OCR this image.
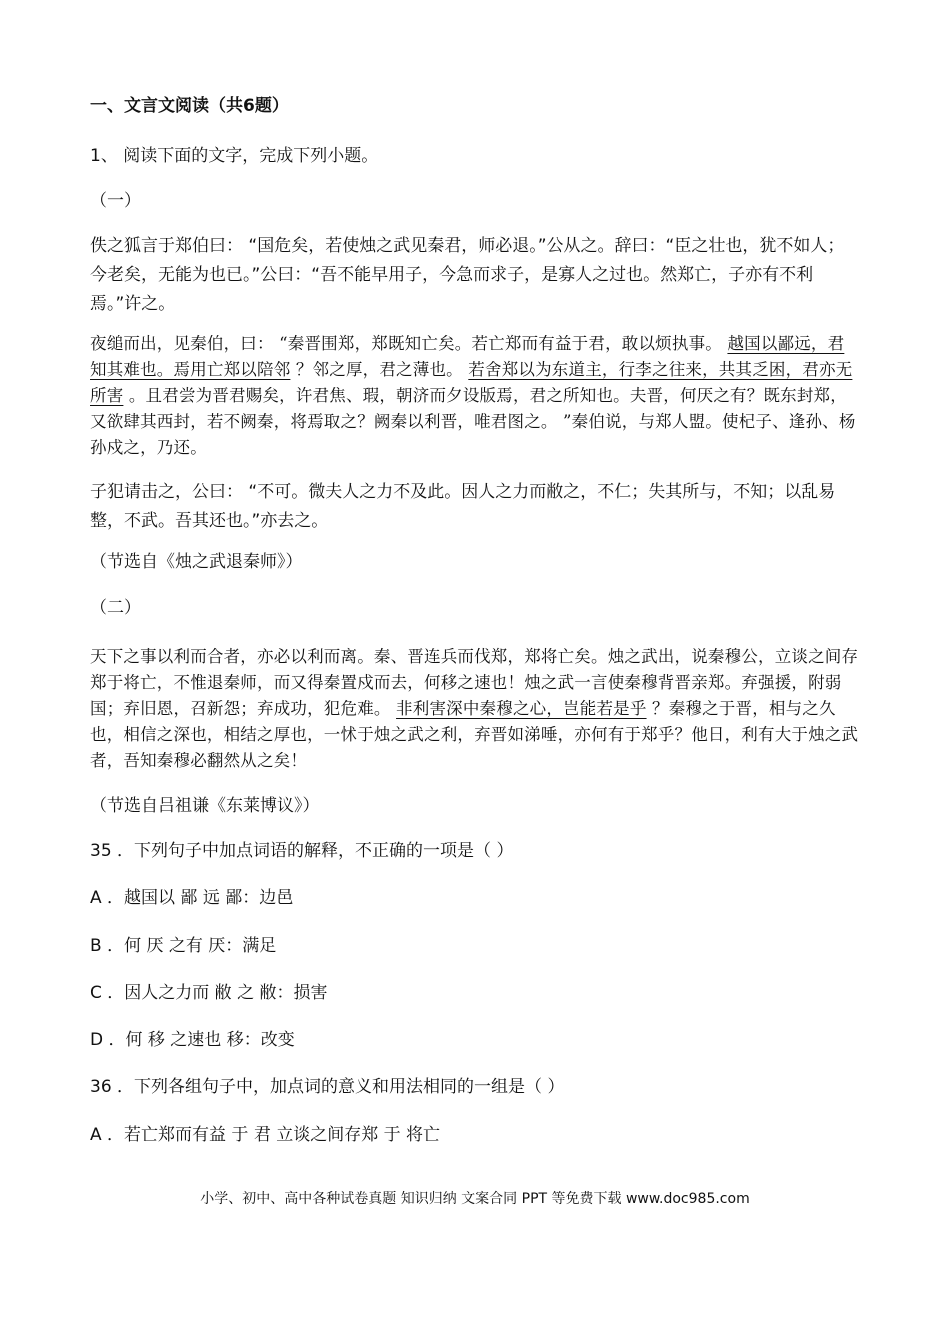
一、文言文阅读（共6题）

1、 阅读下面的文字，完成下列小题。

（一）

佚之狐言于郑伯曰： “国危矣，若使烛之武见秦君，师必退。”公从之。辞曰：“臣之壮也，犹不如人；今老矣，无能为也已。”公曰：“吾不能早用子，今急而求子，是寡人之过也。然郑亡，子亦有不利焉。”许之。

夜缒而出，见秦伯，曰： “秦晋围郑，郑既知亡矣。若亡郑而有益于君，敢以烦执事。 越国以鄙远，君知其难也。焉用亡郑以陪邻 ？邻之厚，君之薄也。 若舍郑以为东道主，行李之往来，共其乏困，君亦无所害 。且君尝为晋君赐矣，许君焦、瑕，朝济而夕设版焉，君之所知也。夫晋，何厌之有？既东封郑，又欲肆其西封，若不阙秦，将焉取之？阙秦以利晋，唯君图之。 ”秦伯说，与郑人盟。使杞子、逢孙、杨孙戍之，乃还。

子犯请击之，公曰： “不可。微夫人之力不及此。因人之力而敝之，不仁；失其所与，不知；以乱易整，不武。吾其还也。”亦去之。

（节选自《烛之武退秦师》）

（二）

天下之事以利而合者，亦必以利而离。秦、晋连兵而伐郑，郑将亡矣。烛之武出，说秦穆公，立谈之间存郑于将亡，不惟退秦师，而又得秦置戍而去，何移之速也！烛之武一言使秦穆背晋亲郑。弃强援，附弱国；弃旧恩，召新怨；弃成功，犯危难。 非利害深中秦穆之心，岂能若是乎 ？秦穆之于晋，相与之久也，相信之深也，相结之厚也，一怵于烛之武之利，弃晋如涕唾，亦何有于郑乎？他日，利有大于烛之武者，吾知秦穆必翻然从之矣！

（节选自吕祖谦《东莱博议》）

35 ．下列句子中加点词语的解释，不正确的一项是（ ）

A ．越国以 鄙 远 鄙：边邑

B ．何 厌 之有 厌：满足

C ．因人之力而 敝 之 敝：损害

D ．何 移 之速也 移：改变

36 ．下列各组句子中，加点词的意义和用法相同的一组是（ ）

A ．若亡郑而有益 于 君 立谈之间存郑 于 将亡

小学、初中、高中各种试卷真题 知识归纳 文案合同 PPT 等免费下载 www.doc985.com
